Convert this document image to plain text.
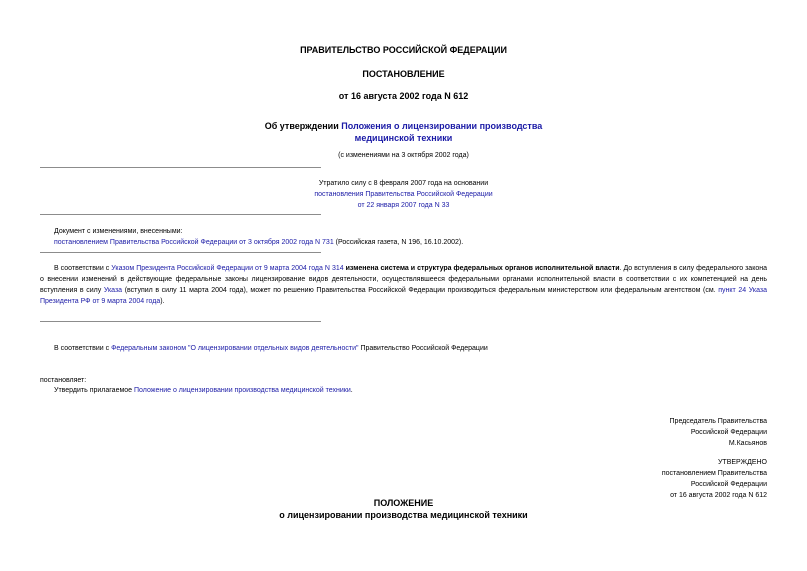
ПРАВИТЕЛЬСТВО РОССИЙСКОЙ ФЕДЕРАЦИИ
ПОСТАНОВЛЕНИЕ
от 16 августа 2002 года N 612
Об утверждении Положения о лицензировании производства
медицинской техники
(с изменениями на 3 октября 2002 года)
Утратило силу с 8 февраля 2007 года на основании
постановления Правительства Российской Федерации
от 22 января 2007 года N 33
Документ с изменениями, внесенными:
постановлением Правительства Российской Федерации от 3 октября 2002 года N 731 (Российская газета, N 196, 16.10.2002).
В соответствии с Указом Президента Российской Федерации от 9 марта 2004 года N 314 изменена система и структура федеральных органов исполнительной власти. До вступления в силу федерального закона о внесении изменений в действующие федеральные законы лицензирование видов деятельности, осуществлявшееся федеральными органами исполнительной власти в соответствии с их компетенцией на день вступления в силу Указа (вступил в силу 11 марта 2004 года), может по решению Правительства Российской Федерации производиться федеральным министерством или федеральным агентством (см. пункт 24 Указа Президента РФ от 9 марта 2004 года).
В соответствии с Федеральным законом "О лицензировании отдельных видов деятельности" Правительство Российской Федерации
постановляет:
Утвердить прилагаемое Положение о лицензировании производства медицинской техники.
Председатель Правительства
Российской Федерации
М.Касьянов
УТВЕРЖДЕНО
постановлением Правительства
Российской Федерации
от 16 августа 2002 года N 612
ПОЛОЖЕНИЕ
о лицензировании производства медицинской техники
